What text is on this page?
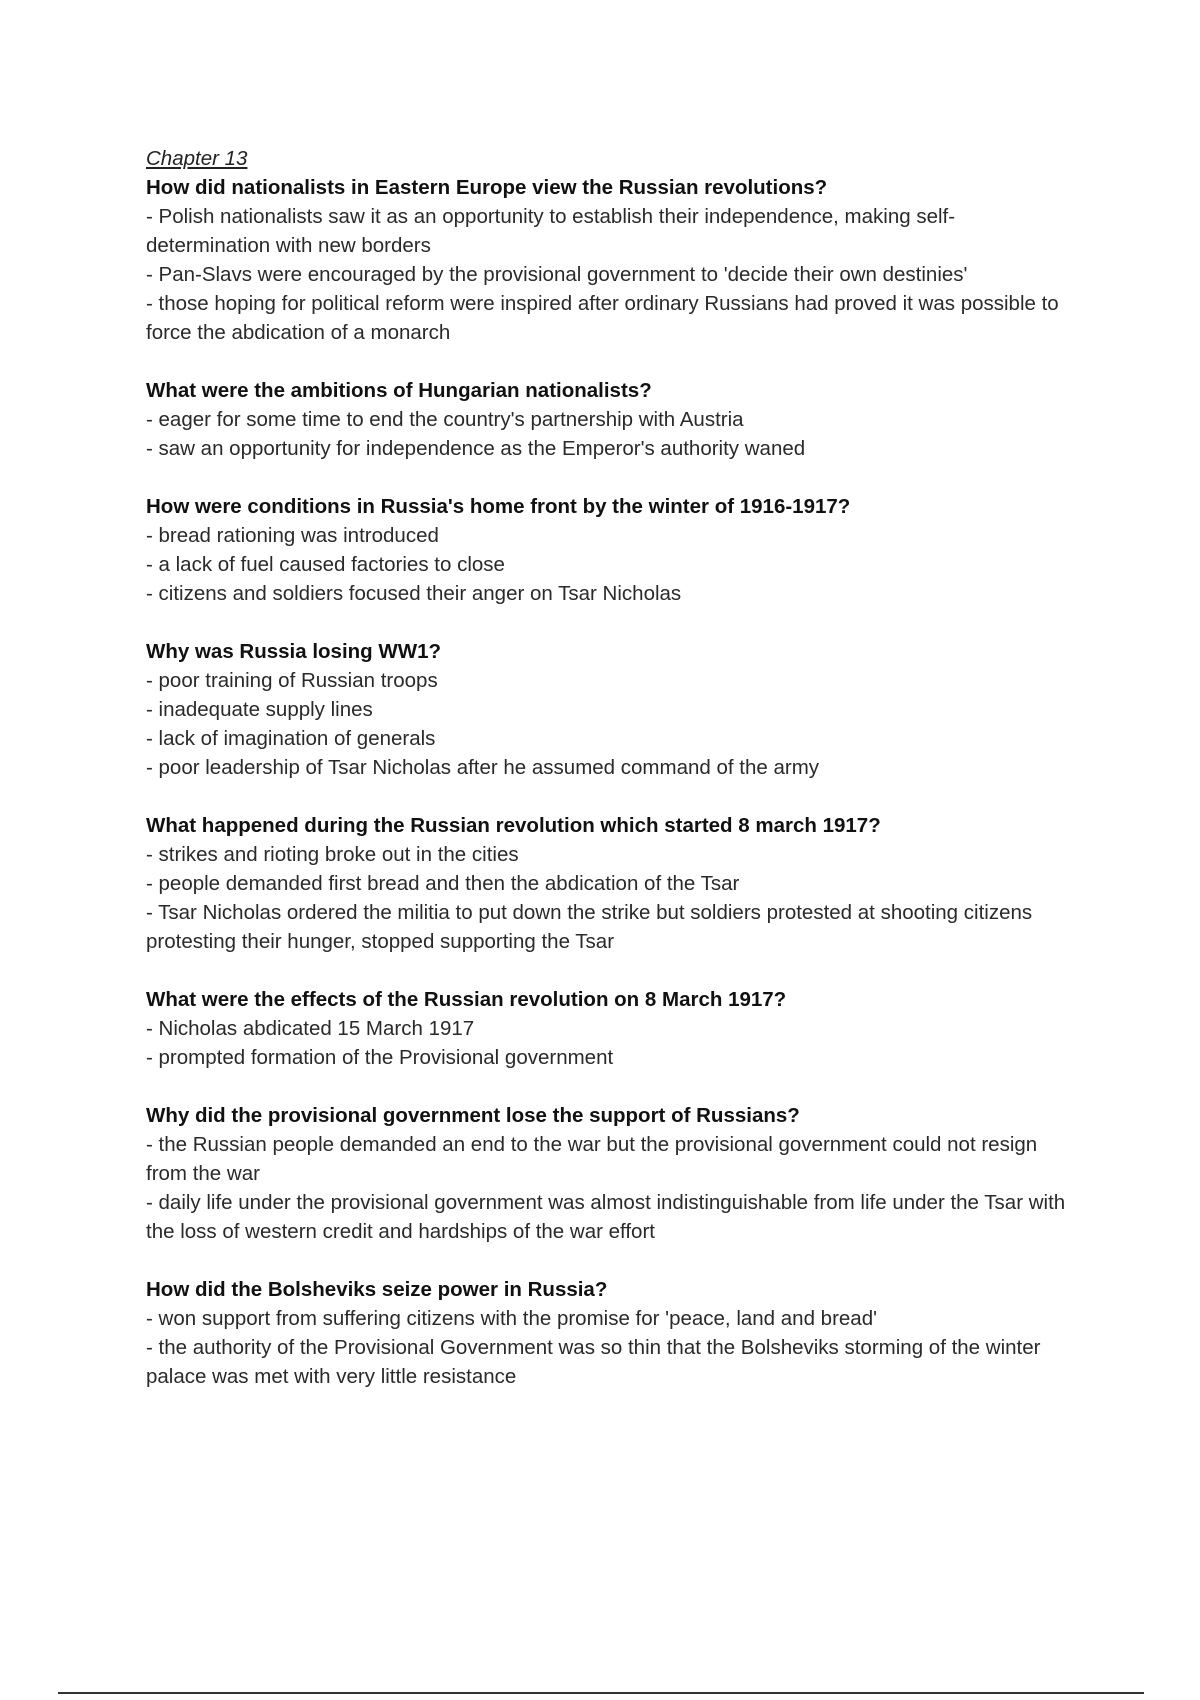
Chapter 13

How did nationalists in Eastern Europe view the Russian revolutions?

- Polish nationalists saw it as an opportunity to establish their independence, making self-determination with new borders

- Pan-Slavs were encouraged by the provisional government to 'decide their own destinies'

- those hoping for political reform were inspired after ordinary Russians had proved it was possible to force the abdication of a monarch

What were the ambitions of Hungarian nationalists?

- eager for some time to end the country's partnership with Austria

- saw an opportunity for independence as the Emperor's authority waned

How were conditions in Russia's home front by the winter of 1916-1917?

- bread rationing was introduced

- a lack of fuel caused factories to close

- citizens and soldiers focused their anger on Tsar Nicholas

Why was Russia losing WW1?

- poor training of Russian troops

- inadequate supply lines

- lack of imagination of generals

- poor leadership of Tsar Nicholas after he assumed command of the army

What happened during the Russian revolution which started 8 march 1917?

- strikes and rioting broke out in the cities

- people demanded first bread and then the abdication of the Tsar

- Tsar Nicholas ordered the militia to put down the strike but soldiers protested at shooting citizens protesting their hunger, stopped supporting the Tsar

What were the effects of the Russian revolution on 8 March 1917?

- Nicholas abdicated 15 March 1917

- prompted formation of the Provisional government

Why did the provisional government lose the support of Russians?

- the Russian people demanded an end to the war but the provisional government could not resign from the war

- daily life under the provisional government was almost indistinguishable from life under the Tsar with the loss of western credit and hardships of the war effort

How did the Bolsheviks seize power in Russia?

- won support from suffering citizens with the promise for 'peace, land and bread'

- the authority of the Provisional Government was so thin that the Bolsheviks storming of the winter palace was met with very little resistance
